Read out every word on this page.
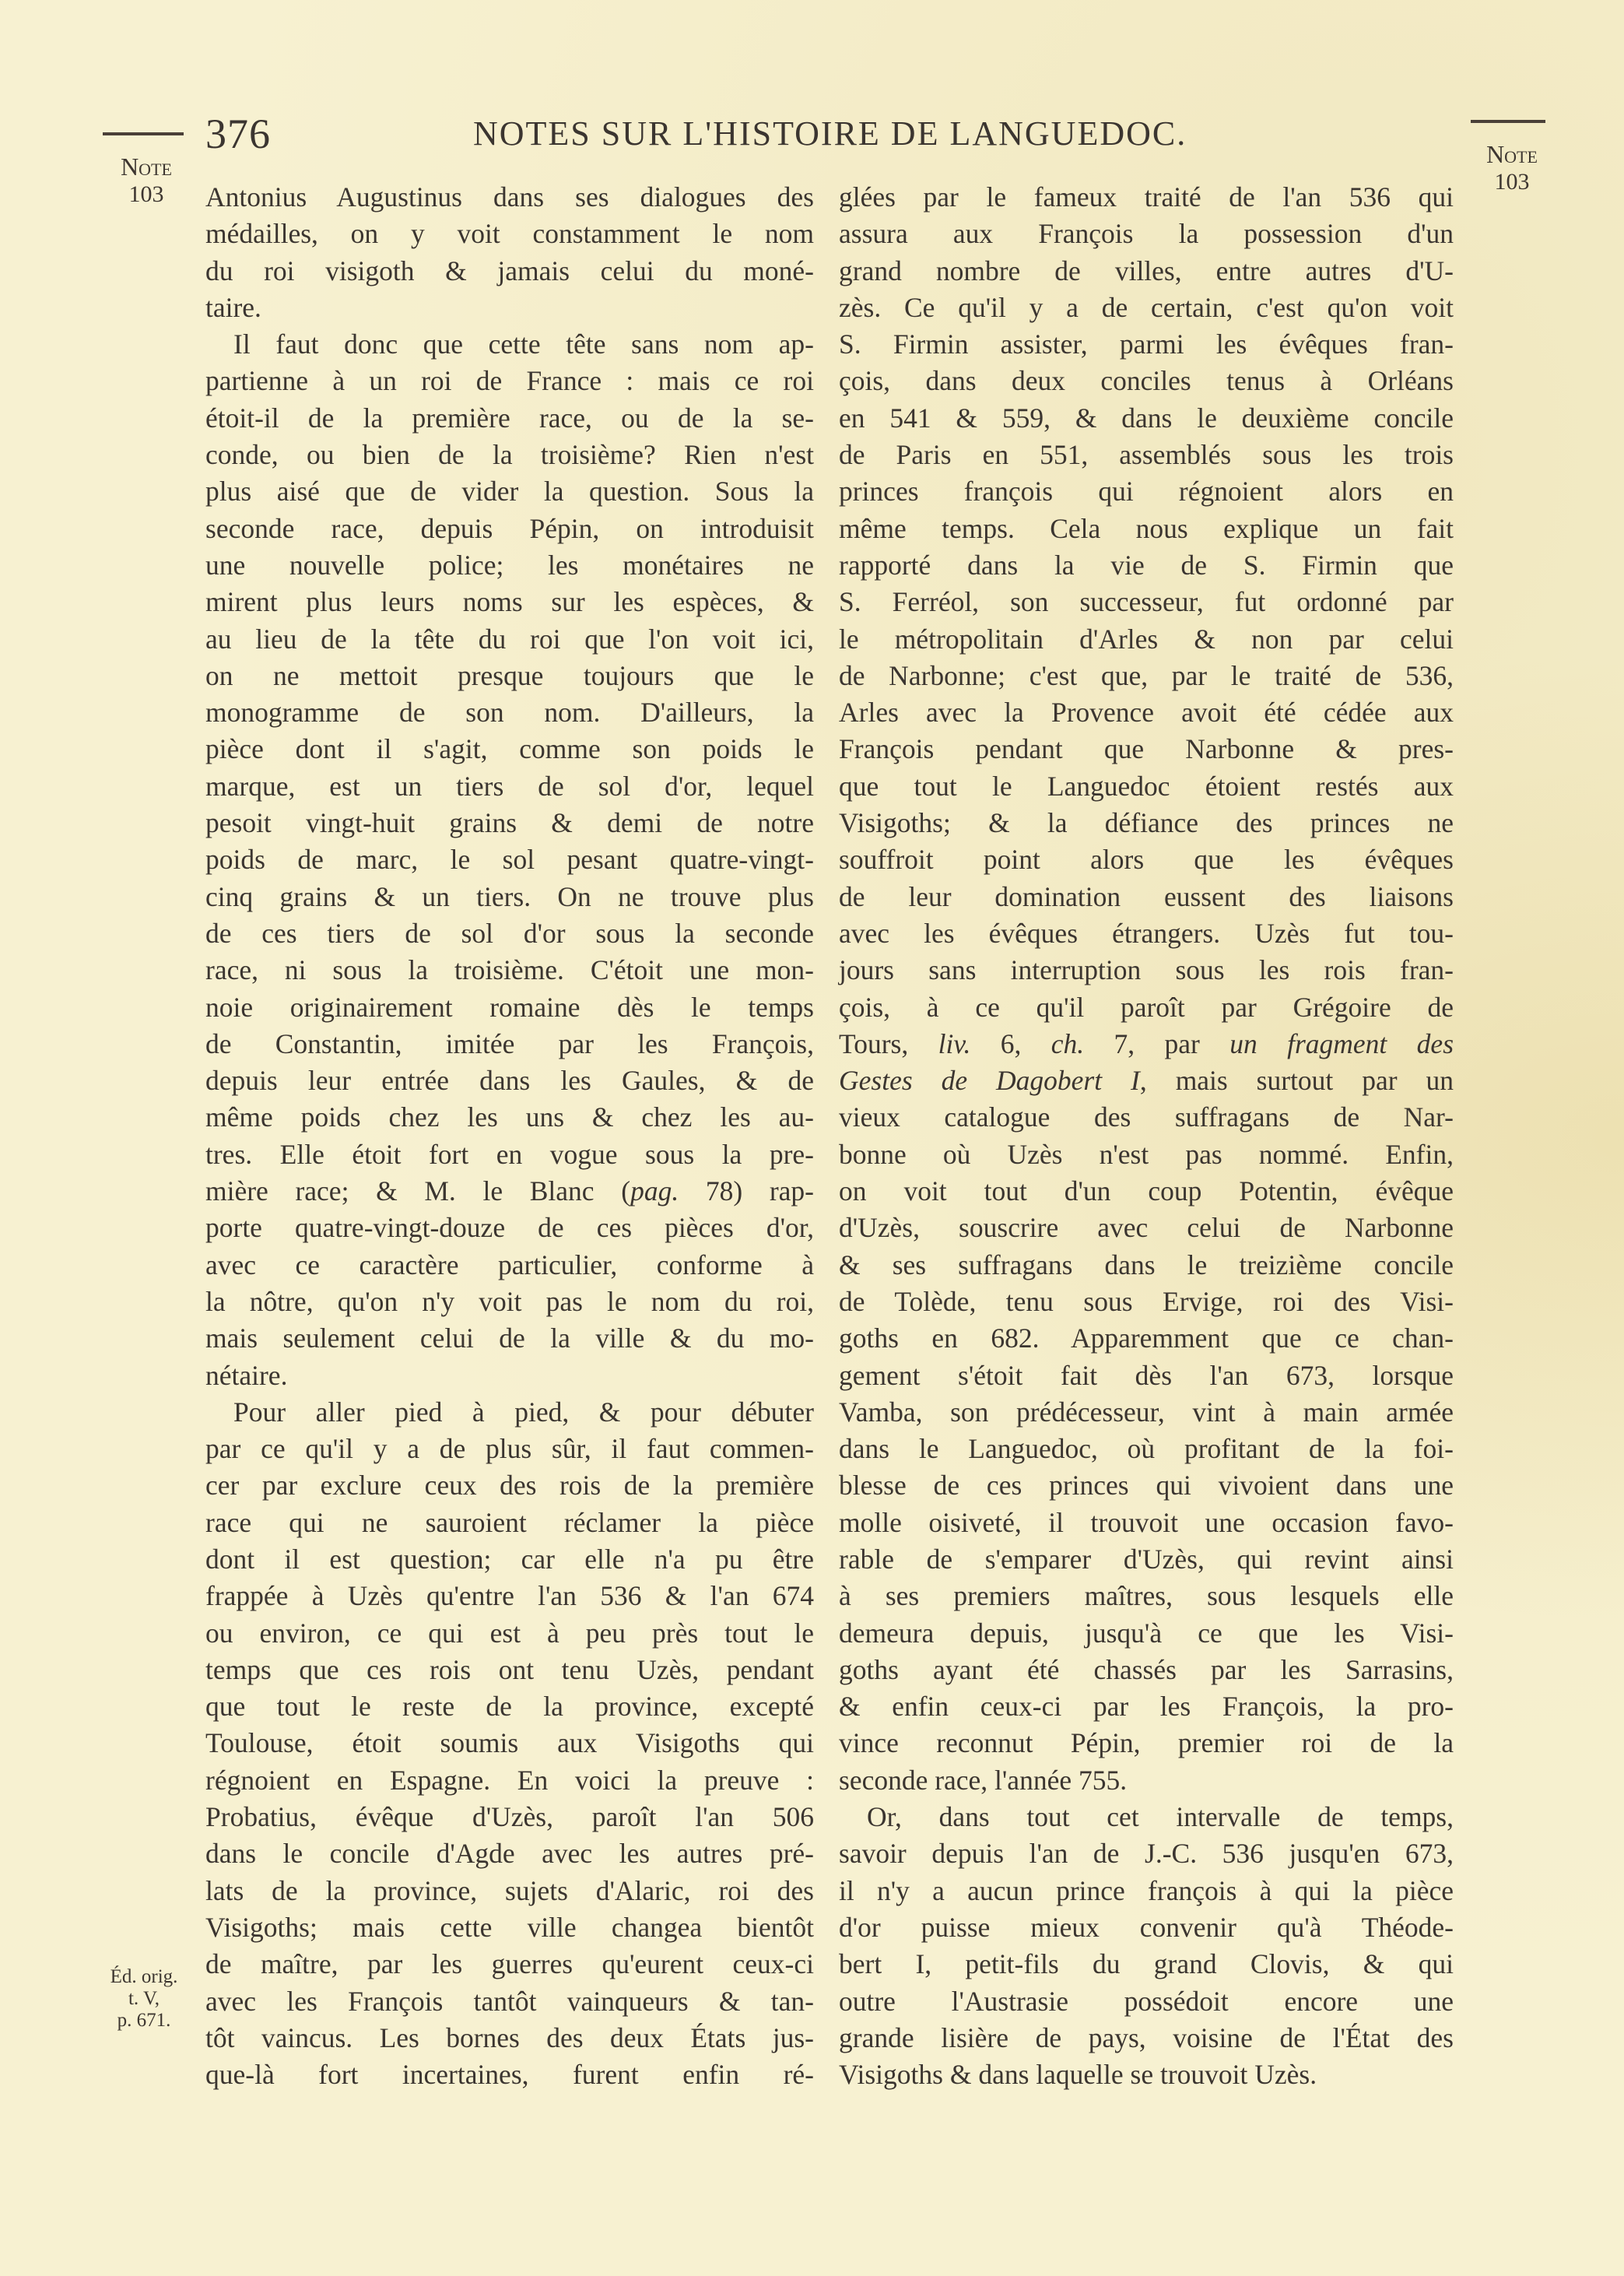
376	NOTES SUR L'HISTOIRE DE LANGUEDOC.
Note
103
Note
103
Éd. orig.
t. V,
p. 671.
Antonius Augustinus dans ses dialogues des
médailles, on y voit constamment le nom
du roi visigoth & jamais celui du moné-
taire.
Il faut donc que cette tête sans nom ap-
partienne à un roi de France : mais ce roi
étoit-il de la première race, ou de la se-
conde, ou bien de la troisième? Rien n'est
plus aisé que de vider la question. Sous la
seconde race, depuis Pépin, on introduisit
une nouvelle police; les monétaires ne
mirent plus leurs noms sur les espèces, &
au lieu de la tête du roi que l'on voit ici,
on ne mettoit presque toujours que le
monogramme de son nom. D'ailleurs, la
pièce dont il s'agit, comme son poids le
marque, est un tiers de sol d'or, lequel
pesoit vingt-huit grains & demi de notre
poids de marc, le sol pesant quatre-vingt-
cinq grains & un tiers. On ne trouve plus
de ces tiers de sol d'or sous la seconde
race, ni sous la troisième. C'étoit une mon-
noie originairement romaine dès le temps
de Constantin, imitée par les François,
depuis leur entrée dans les Gaules, & de
même poids chez les uns & chez les au-
tres. Elle étoit fort en vogue sous la pre-
mière race; & M. le Blanc (pag. 78) rap-
porte quatre-vingt-douze de ces pièces d'or,
avec ce caractère particulier, conforme à
la nôtre, qu'on n'y voit pas le nom du roi,
mais seulement celui de la ville & du mo-
nétaire.
Pour aller pied à pied, & pour débuter
par ce qu'il y a de plus sûr, il faut commen-
cer par exclure ceux des rois de la première
race qui ne sauroient réclamer la pièce
dont il est question; car elle n'a pu être
frappée à Uzès qu'entre l'an 536 & l'an 674
ou environ, ce qui est à peu près tout le
temps que ces rois ont tenu Uzès, pendant
que tout le reste de la province, excepté
Toulouse, étoit soumis aux Visigoths qui
régnoient en Espagne. En voici la preuve :
Probatius, évêque d'Uzès, paroît l'an 506
dans le concile d'Agde avec les autres pré-
lats de la province, sujets d'Alaric, roi des
Visigoths; mais cette ville changea bientôt
de maître, par les guerres qu'eurent ceux-ci
avec les François tantôt vainqueurs & tan-
tôt vaincus. Les bornes des deux États jus-
que-là fort incertaines, furent enfin ré-
glées par le fameux traité de l'an 536 qui
assura aux François la possession d'un
grand nombre de villes, entre autres d'U-
zès. Ce qu'il y a de certain, c'est qu'on voit
S. Firmin assister, parmi les évêques fran-
çois, dans deux conciles tenus à Orléans
en 541 & 559, & dans le deuxième concile
de Paris en 551, assemblés sous les trois
princes françois qui régnoient alors en
même temps. Cela nous explique un fait
rapporté dans la vie de S. Firmin que
S. Ferréol, son successeur, fut ordonné par
le métropolitain d'Arles & non par celui
de Narbonne; c'est que, par le traité de 536,
Arles avec la Provence avoit été cédée aux
François pendant que Narbonne & pres-
que tout le Languedoc étoient restés aux
Visigoths; & la défiance des princes ne
souffroit point alors que les évêques
de leur domination eussent des liaisons
avec les évêques étrangers. Uzès fut tou-
jours sans interruption sous les rois fran-
çois, à ce qu'il paroît par Grégoire de
Tours, liv. 6, ch. 7, par un fragment des
Gestes de Dagobert I, mais surtout par un
vieux catalogue des suffragans de Nar-
bonne où Uzès n'est pas nommé. Enfin,
on voit tout d'un coup Potentin, évêque
d'Uzès, souscrire avec celui de Narbonne
& ses suffragans dans le treizième concile
de Tolède, tenu sous Ervige, roi des Visi-
goths en 682. Apparemment que ce chan-
gement s'étoit fait dès l'an 673, lorsque
Vamba, son prédécesseur, vint à main armée
dans le Languedoc, où profitant de la foi-
blesse de ces princes qui vivoient dans une
molle oisiveté, il trouvoit une occasion favo-
rable de s'emparer d'Uzès, qui revint ainsi
à ses premiers maîtres, sous lesquels elle
demeura depuis, jusqu'à ce que les Visi-
goths ayant été chassés par les Sarrasins,
& enfin ceux-ci par les François, la pro-
vince reconnut Pépin, premier roi de la
seconde race, l'année 755.
Or, dans tout cet intervalle de temps,
savoir depuis l'an de J.-C. 536 jusqu'en 673,
il n'y a aucun prince françois à qui la pièce
d'or puisse mieux convenir qu'à Théode-
bert I, petit-fils du grand Clovis, & qui
outre l'Austrasie possédoit encore une
grande lisière de pays, voisine de l'État des
Visigoths & dans laquelle se trouvoit Uzès.
